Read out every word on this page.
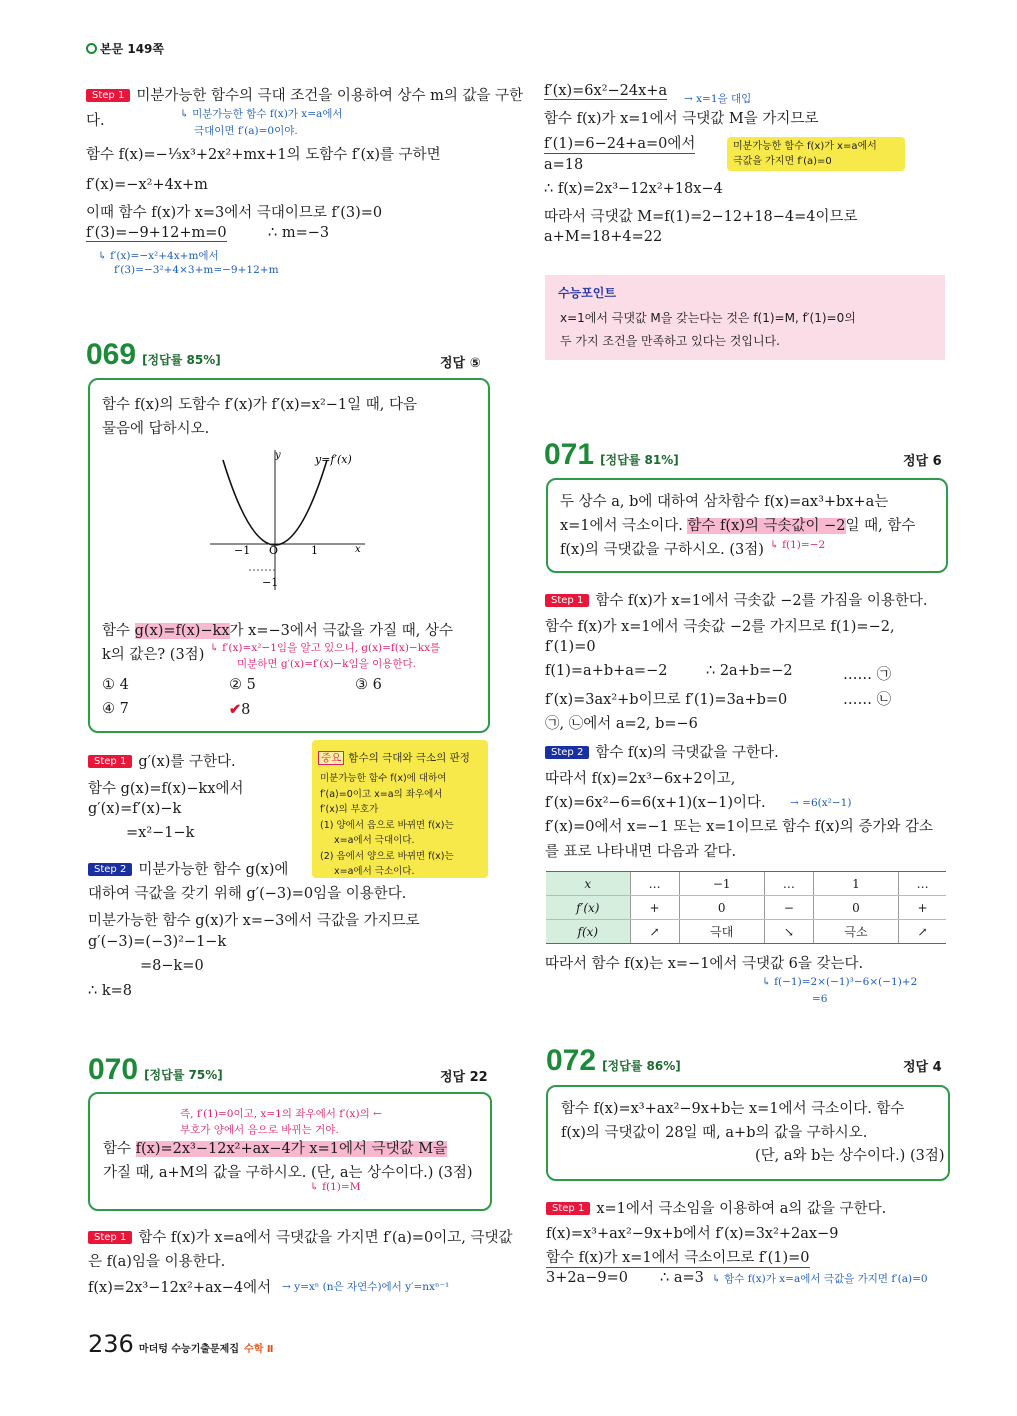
본문 149쪽
Step 1 미분가능한 함수의 극대 조건을 이용하여 상수 m의 값을 구한
다.	↳ 미분가능한 함수 f(x)가 x=a에서
극대이면 f′(a)=0이야.
함수 f(x)=−⅓x³+2x²+mx+1의 도함수 f′(x)를 구하면
f′(x)=−x²+4x+m
이때 함수 f(x)가 x=3에서 극대이므로 f′(3)=0
f′(3)=−9+12+m=0	∴ m=−3
↳ f′(x)=−x²+4x+m에서
f′(3)=−3²+4×3+m=−9+12+m
069 [정답률 85%]	정답 ⑤
함수 f(x)의 도함수 f′(x)가 f′(x)=x²−1일 때, 다음
물음에 답하시오.
y=f′(x)
y
x
O
−1	1
−1
함수 g(x)=f(x)−kx가 x=−3에서 극값을 가질 때, 상수
k의 값은? (3점) ↳ f′(x)=x²−1임을 알고 있으니, g(x)=f(x)−kx를
미분하면 g′(x)=f′(x)−k임을 이용한다.
① 4	② 5	③ 6
④ 7	✔8
Step 1 g′(x)를 구한다.
함수 g(x)=f(x)−kx에서
g′(x)=f′(x)−k
=x²−1−k
Step 2 미분가능한 함수 g(x)에
대하여 극값을 갖기 위해 g′(−3)=0임을 이용한다.
미분가능한 함수 g(x)가 x=−3에서 극값을 가지므로
g′(−3)=(−3)²−1−k
=8−k=0
∴ k=8
중요 함수의 극대와 극소의 판정
미분가능한 함수 f(x)에 대하여
f′(a)=0이고 x=a의 좌우에서
f′(x)의 부호가
(1) 양에서 음으로 바뀌면 f(x)는
x=a에서 극대이다.
(2) 음에서 양으로 바뀌면 f(x)는
x=a에서 극소이다.
070 [정답률 75%]	정답 22
즉, f′(1)=0이고, x=1의 좌우에서 f′(x)의 ←
부호가 양에서 음으로 바뀌는 거야.
함수 f(x)=2x³−12x²+ax−4가 x=1에서 극댓값 M을
가질 때, a+M의 값을 구하시오. (단, a는 상수이다.) (3점)
↳ f(1)=M
Step 1 함수 f(x)가 x=a에서 극댓값을 가지면 f′(a)=0이고, 극댓값
은 f(a)임을 이용한다.
f(x)=2x³−12x²+ax−4에서 → y=xⁿ (n은 자연수)에서 y′=nxⁿ⁻¹
236 마더텅 수능기출문제집 수학 Ⅱ
f′(x)=6x²−24x+a → x=1을 대입
함수 f(x)가 x=1에서 극댓값 M을 가지므로
f′(1)=6−24+a=0에서
a=18
∴ f(x)=2x³−12x²+18x−4
따라서 극댓값 M=f(1)=2−12+18−4=4이므로
a+M=18+4=22
미분가능한 함수 f(x)가 x=a에서
극값을 가지면 f′(a)=0
수능포인트
x=1에서 극댓값 M을 갖는다는 것은 f(1)=M, f′(1)=0의
두 가지 조건을 만족하고 있다는 것입니다.
071 [정답률 81%]	정답 6
두 상수 a, b에 대하여 삼차함수 f(x)=ax³+bx+a는
x=1에서 극소이다. 함수 f(x)의 극솟값이 −2일 때, 함수
f(x)의 극댓값을 구하시오. (3점) ↳ f(1)=−2
Step 1 함수 f(x)가 x=1에서 극솟값 −2를 가짐을 이용한다.
함수 f(x)가 x=1에서 극솟값 −2를 가지므로 f(1)=−2,
f′(1)=0
f(1)=a+b+a=−2	∴ 2a+b=−2	…… ㉠
f′(x)=3ax²+b이므로 f′(1)=3a+b=0	…… ㉡
㉠, ㉡에서 a=2, b=−6
Step 2 함수 f(x)의 극댓값을 구한다.
따라서 f(x)=2x³−6x+2이고,
f′(x)=6x²−6=6(x+1)(x−1)이다. → =6(x²−1)
f′(x)=0에서 x=−1 또는 x=1이므로 함수 f(x)의 증가와 감소
를 표로 나타내면 다음과 같다.
x	…	−1	…	1	…
f′(x)	+	0	−	0	+
f(x)	↗	극대	↘	극소	↗
따라서 함수 f(x)는 x=−1에서 극댓값 6을 갖는다.
↳ f(−1)=2×(−1)³−6×(−1)+2
=6
072 [정답률 86%]	정답 4
함수 f(x)=x³+ax²−9x+b는 x=1에서 극소이다. 함수
f(x)의 극댓값이 28일 때, a+b의 값을 구하시오.
(단, a와 b는 상수이다.) (3점)
Step 1 x=1에서 극소임을 이용하여 a의 값을 구한다.
f(x)=x³+ax²−9x+b에서 f′(x)=3x²+2ax−9
함수 f(x)가 x=1에서 극소이므로 f′(1)=0
3+2a−9=0 ∴ a=3 ↳ 함수 f(x)가 x=a에서 극값을 가지면 f′(a)=0
